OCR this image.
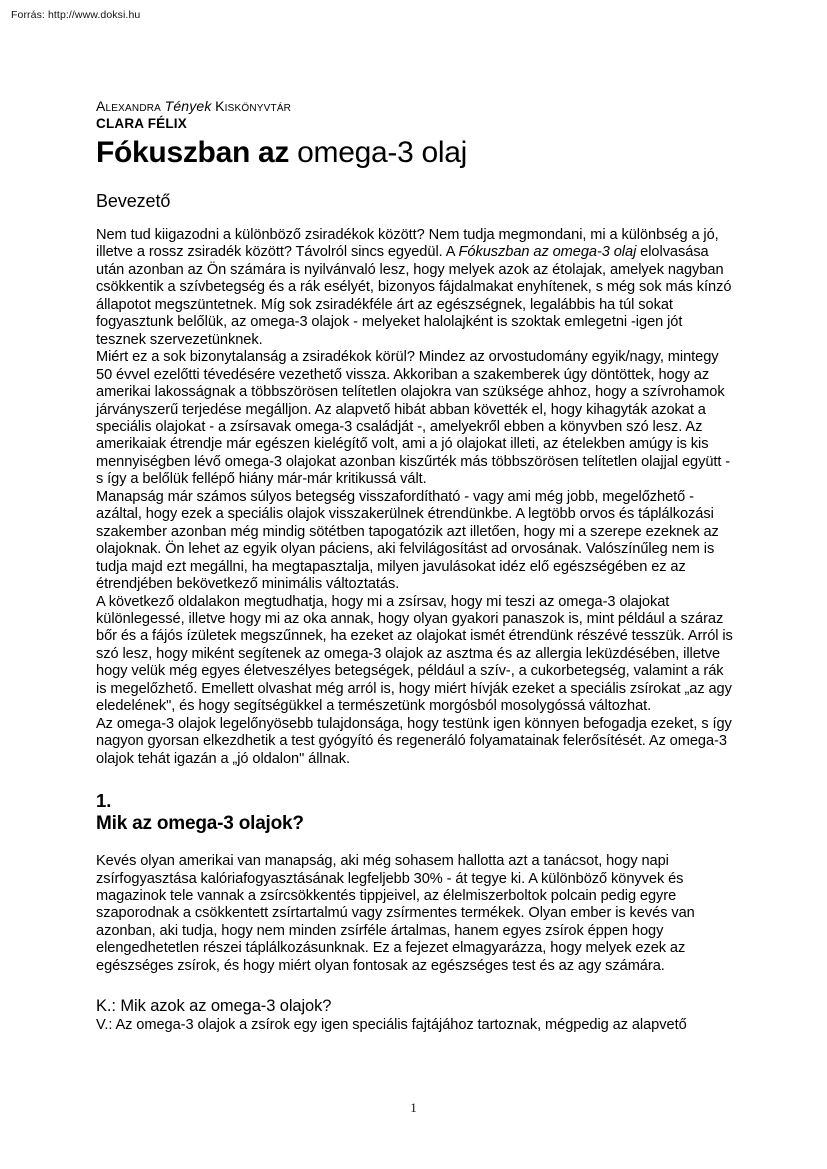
Forrás: http://www.doksi.hu
Alexandra Tények Kiskönyvtár
CLARA FÉLIX
Fókuszban az omega-3 olaj
Bevezető

Nem tud kiigazodni a különböző zsiradékok között? Nem tudja megmondani, mi a különbség a jó, illetve a rossz zsiradék között? Távolról sincs egyedül. A Fókuszban az omega-3 olaj elolvasása után azonban az Ön számára is nyilvánvaló lesz, hogy melyek azok az étolajak, amelyek nagyban csökkentik a szívbetegség és a rák esélyét, bizonyos fájdalmakat enyhítenek, s még sok más kínzó állapotot megszüntetnek. Míg sok zsiradékféle árt az egészségnek, legalábbis ha túl sokat fogyasztunk belőlük, az omega-3 olajok - melyeket halolajként is szoktak emlegetni -igen jót tesznek szervezetünknek.

Miért ez a sok bizonytalanság a zsiradékok körül? Mindez az orvostudomány egyik/nagy, mintegy 50 évvel ezelőtti tévedésére vezethető vissza. Akkoriban a szakemberek úgy döntöttek, hogy az amerikai lakosságnak a többszörösen telítetlen olajokra van szüksége ahhoz, hogy a szívrohamok járványszerű terjedése megálljon. Az alapvető hibát abban követték el, hogy kihagyták azokat a speciális olajokat - a zsírsavak omega-3 családját -, amelyekről ebben a könyvben szó lesz. Az amerikaiak étrendje már egészen kielégítő volt, ami a jó olajokat illeti, az ételekben amúgy is kis mennyiségben lévő omega-3 olajokat azonban kiszűrték más többszörösen telítetlen olajjal együtt - s így a belőlük fellépő hiány már-már kritikussá vált.

Manapság már számos súlyos betegség visszafordítható - vagy ami még jobb, megelőzhető - azáltal, hogy ezek a speciális olajok visszakerülnek étrendünkbe. A legtöbb orvos és táplálkozási szakember azonban még mindig sötétben tapogatózik azt illetően, hogy mi a szerepe ezeknek az olajoknak. Ön lehet az egyik olyan páciens, aki felvilágosítást ad orvosának. Valószínűleg nem is tudja majd ezt megállni, ha megtapasztalja, milyen javulásokat idéz elő egészségében ez az étrendjében bekövetkező minimális változtatás.

A következő oldalakon megtudhatja, hogy mi a zsírsav, hogy mi teszi az omega-3 olajokat különlegessé, illetve hogy mi az oka annak, hogy olyan gyakori panaszok is, mint például a száraz bőr és a fájós ízületek megszűnnek, ha ezeket az olajokat ismét étrendünk részévé tesszük. Arról is szó lesz, hogy miként segítenek az omega-3 olajok az asztma és az allergia leküzdésében, illetve hogy velük még egyes életveszélyes betegségek, például a szív-, a cukorbetegség, valamint a rák is megelőzhető. Emellett olvashat még arról is, hogy miért hívják ezeket a speciális zsírokat „az agy eledelének", és hogy segítségükkel a természetünk morgósból mosolygóssá változhat.

Az omega-3 olajok legelőnyösebb tulajdonsága, hogy testünk igen könnyen befogadja ezeket, s így nagyon gyorsan elkezdhetik a test gyógyító és regeneráló folyamatainak felerősítését. Az omega-3 olajok tehát igazán a „jó oldalon" állnak.

1.
Mik az omega-3 olajok?

Kevés olyan amerikai van manapság, aki még sohasem hallotta azt a tanácsot, hogy napi zsírfogyasztása kalóriafogyasztásának legfeljebb 30% - át tegye ki. A különböző könyvek és magazinok tele vannak a zsírcsökkentés tippjeivel, az élelmiszerboltok polcain pedig egyre szaporodnak a csökkentett zsírtartalmú vagy zsírmentes termékek. Olyan ember is kevés van azonban, aki tudja, hogy nem minden zsírféle ártalmas, hanem egyes zsírok éppen hogy elengedhetetlen részei táplálkozásunknak. Ez a fejezet elmagyarázza, hogy melyek ezek az egészséges zsírok, és hogy miért olyan fontosak az egészséges test és az agy számára.

K.: Mik azok az omega-3 olajok?

V.: Az omega-3 olajok a zsírok egy igen speciális fajtájához tartoznak, mégpedig az alapvető

1
